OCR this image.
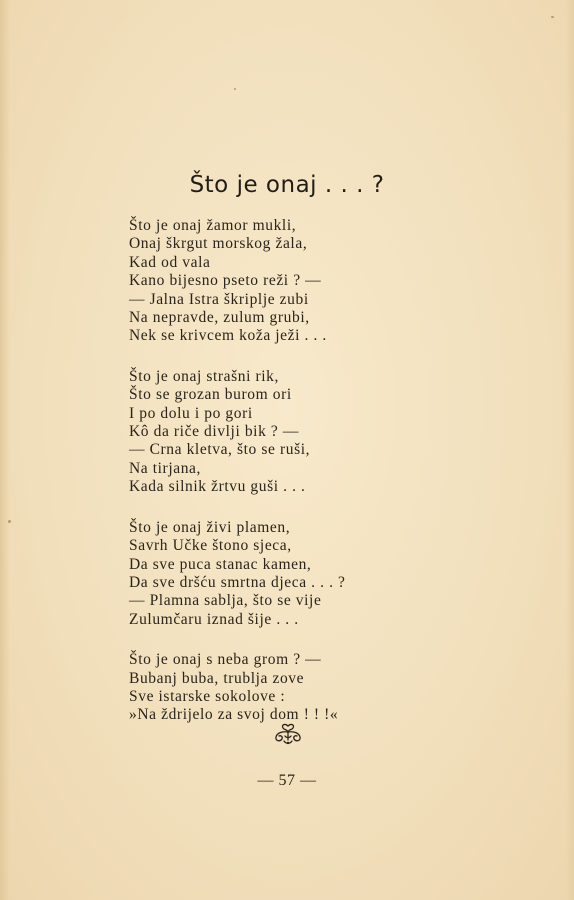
Što je onaj . . . ?
Što je onaj žamor mukli,
Onaj škrgut morskog žala,
Kad od vala
Kano bijesno pseto reži ? —
— Jalna Istra škriplje zubi
Na nepravde, zulum grubi,
Nek se krivcem koža ježi . . .
Što je onaj strašni rik,
Što se grozan burom ori
I po dolu i po gori
Kô da riče divlji bik ? —
— Crna kletva, što se ruši,
Na tirjana,
Kada silnik žrtvu guši . . .
Što je onaj živi plamen,
Savrh Učke štono sjeca,
Da sve puca stanac kamen,
Da sve dršću smrtna djeca . . . ?
— Plamna sablja, što se vije
Zulumčaru iznad šije . . .
Što je onaj s neba grom ? —
Bubanj buba, trublja zove
Sve istarske sokolove :
»Na ždrijelo za svoj dom ! ! !«
— 57 —
